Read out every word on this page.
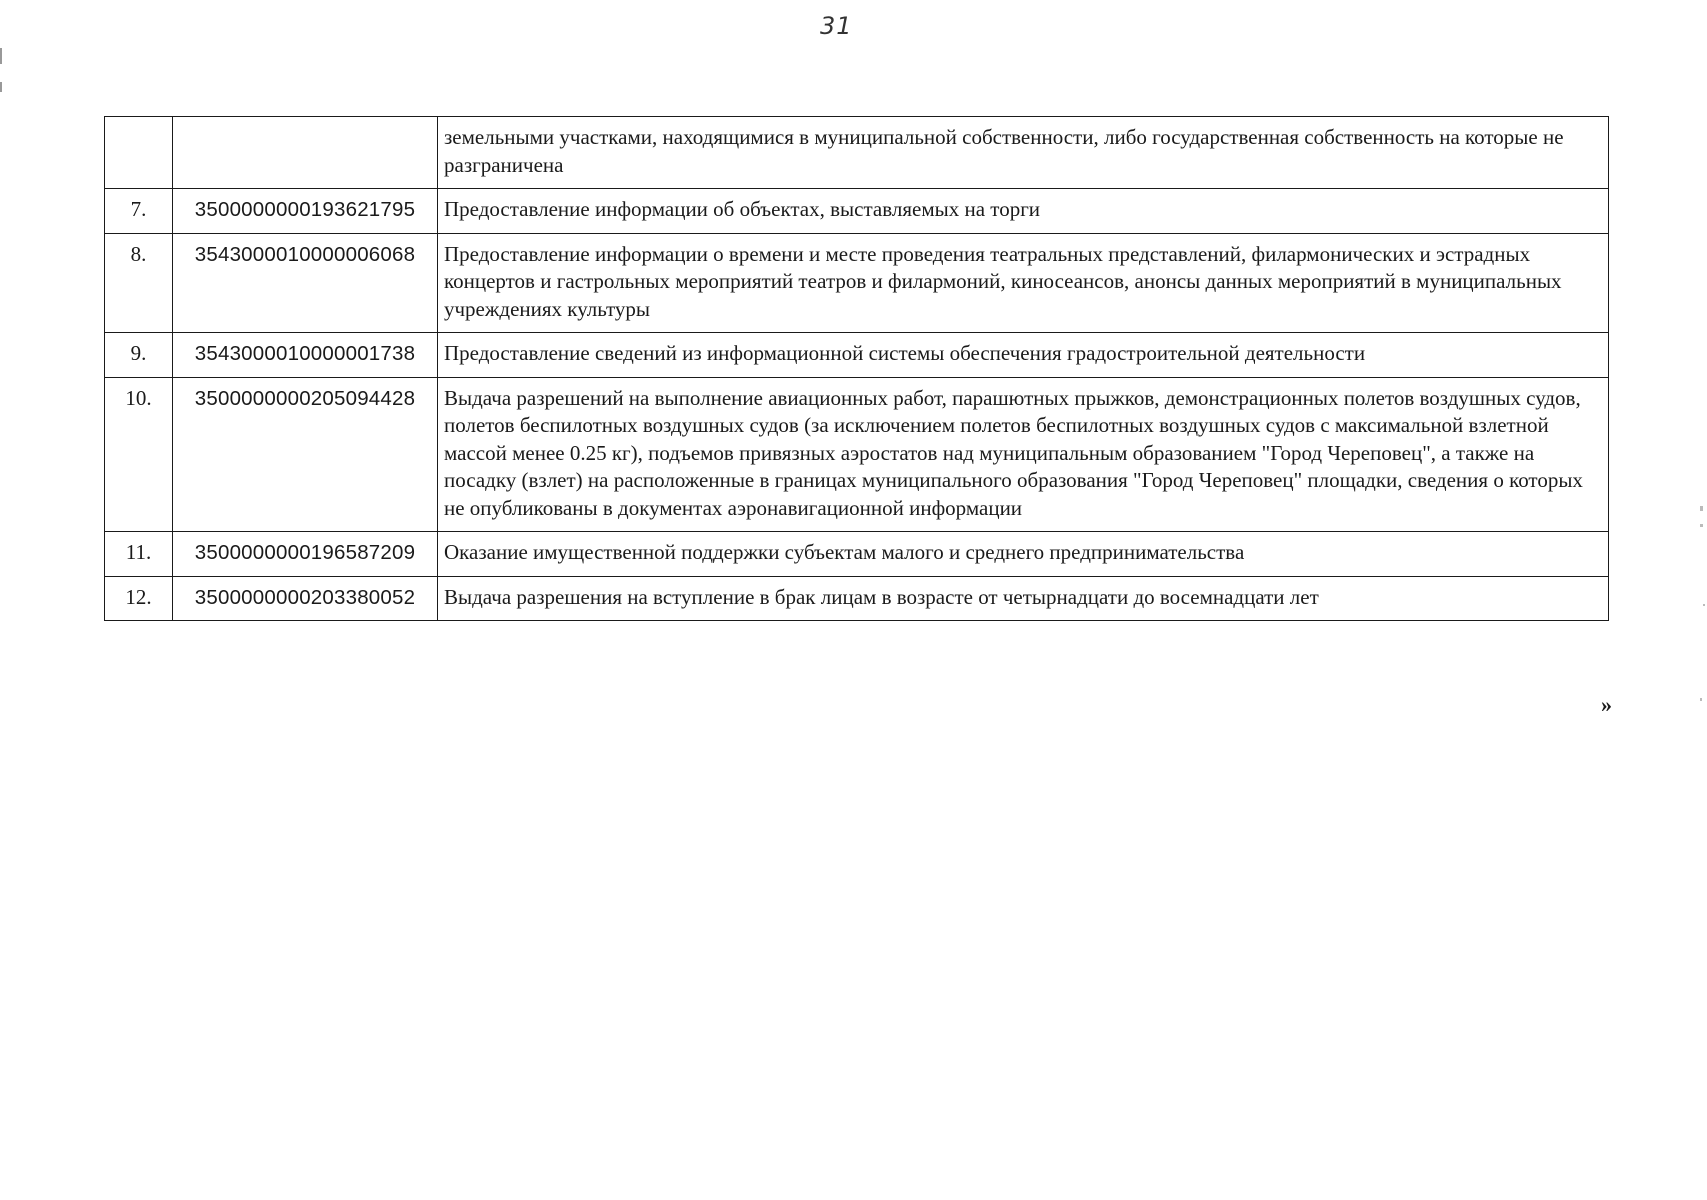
31
		земельными участками, находящимися в муниципальной собственности, либо государственная собственность на которые не разграничена
7.	3500000000193621795	Предоставление информации об объектах, выставляемых на торги
8.	3543000010000006068	Предоставление информации о времени и месте проведения театральных представлений, филармонических и эстрадных концертов и гастрольных мероприятий театров и филармоний, киносеансов, анонсы данных мероприятий в муниципальных учреждениях культуры
9.	3543000010000001738	Предоставление сведений из информационной системы обеспечения градостроительной деятельности
10.	3500000000205094428	Выдача разрешений на выполнение авиационных работ, парашютных прыжков, демонстрационных полетов воздушных судов, полетов беспилотных воздушных судов (за исключением полетов беспилотных воздушных судов с максимальной взлетной массой менее 0.25 кг), подъемов привязных аэростатов над муниципальным образованием "Город Череповец", а также на посадку (взлет) на расположенные в границах муниципального образования "Город Череповец" площадки, сведения о которых не опубликованы в документах аэронавигационной информации
11.	3500000000196587209	Оказание имущественной поддержки субъектам малого и среднего предпринимательства
12.	3500000000203380052	Выдача разрешения на вступление в брак лицам в возрасте от четырнадцати до восемнадцати лет
»
